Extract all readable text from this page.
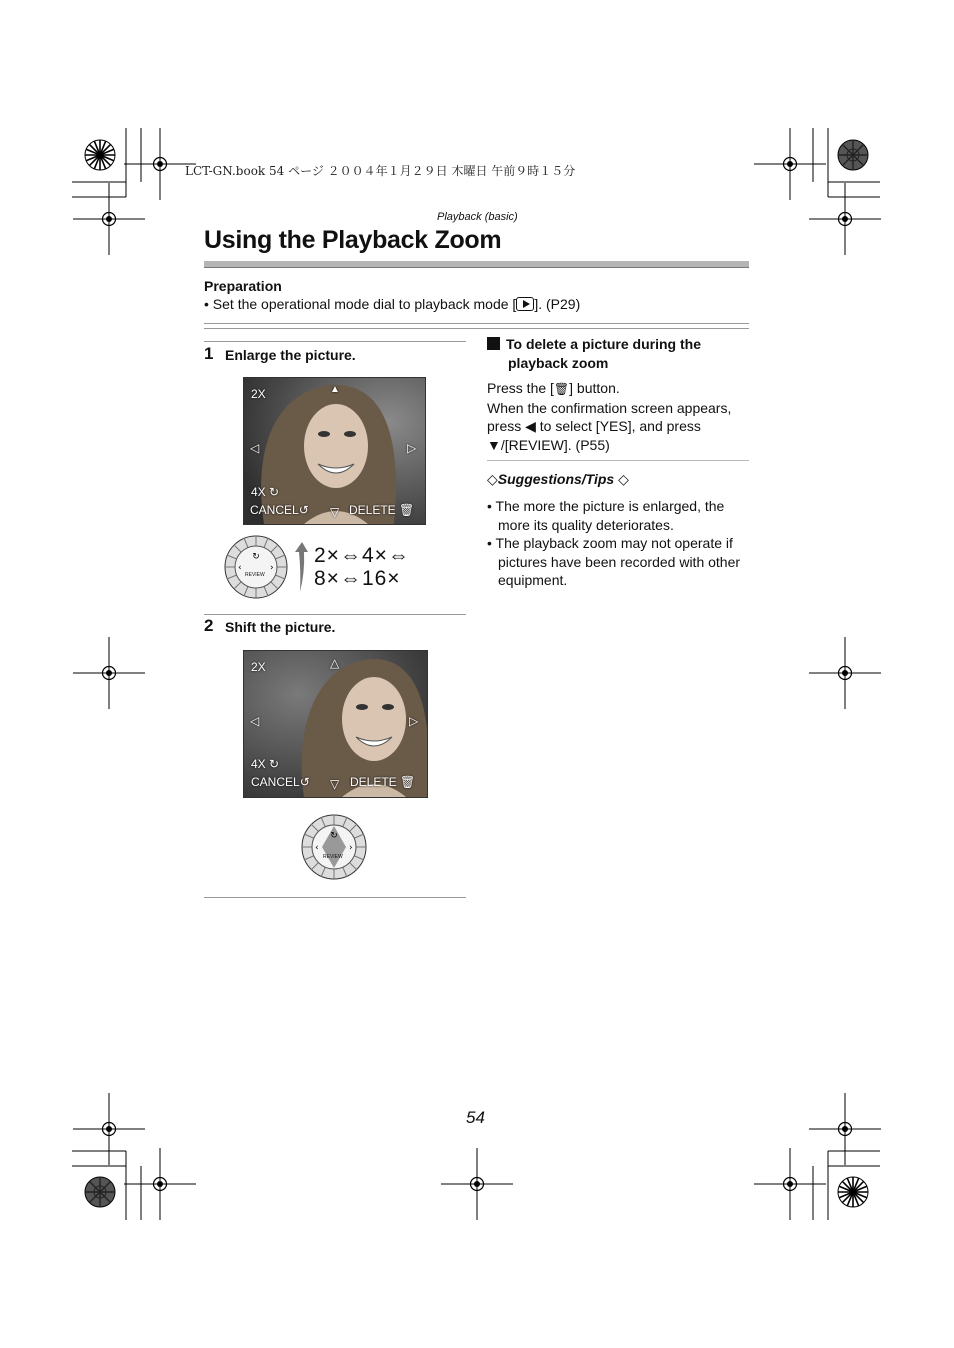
LCT-GN.book 54 ページ ２００４年１月２９日 木曜日 午前９時１５分
Playback (basic)
Using the Playback Zoom
Preparation
• Set the operational mode dial to playback mode [ ]. (P29)
1 Enlarge the picture.
2X	▲
◁	▷
4X ↻
CANCEL↺ ▽ DELETE 🗑
↻
‹	›
REVIEW
2×⇔4×⇔
8×⇔16×
2 Shift the picture.
2X	△
◁	▷
4X ↻
CANCEL↺ ▽ DELETE 🗑
↻
‹	›
REVIEW
To delete a picture during the
playback zoom
Press the [🗑] button.
When the confirmation screen appears,
press ◀ to select [YES], and press
▼/[REVIEW]. (P55)
◇Suggestions/Tips ◇
• The more the picture is enlarged, the more its quality deteriorates.
• The playback zoom may not operate if pictures have been recorded with other equipment.
54
